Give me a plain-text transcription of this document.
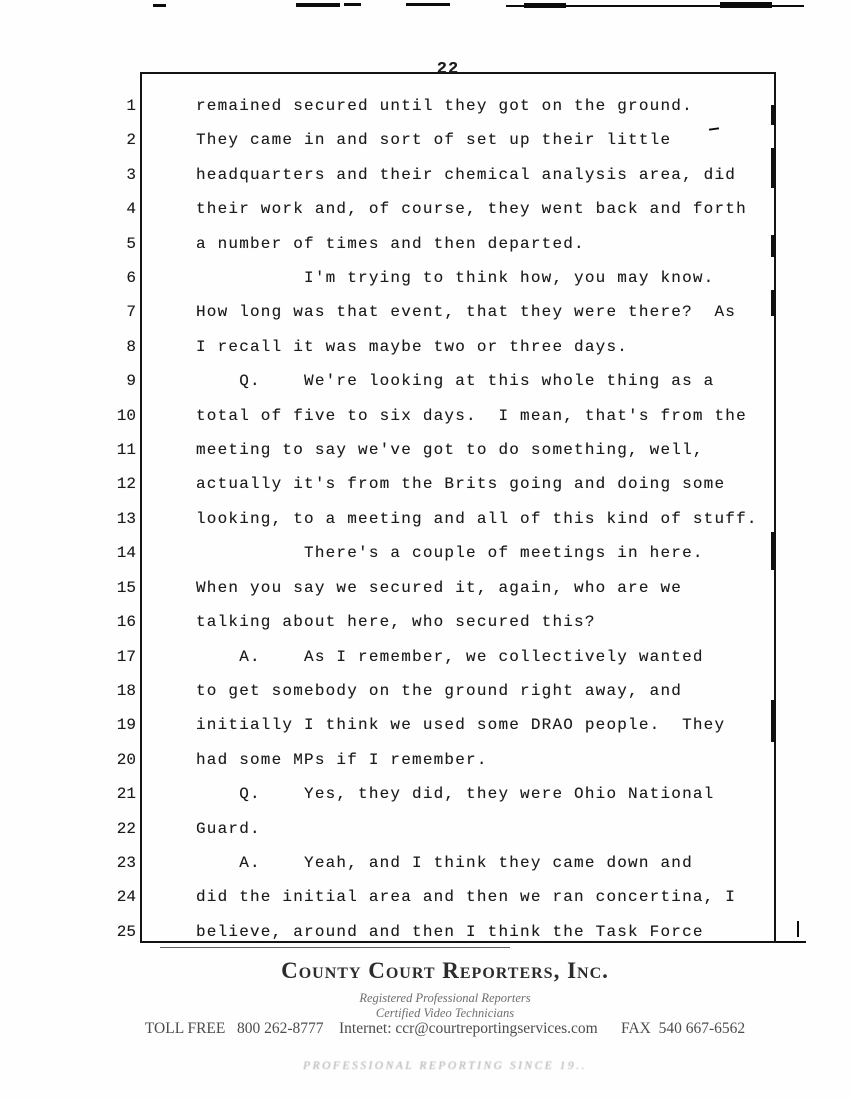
22
1	remained secured until they got on the ground.
2	They came in and sort of set up their little
3	headquarters and their chemical analysis area, did
4	their work and, of course, they went back and forth
5	a number of times and then departed.
6	I'm trying to think how, you may know.
7	How long was that event, that they were there?  As
8	I recall it was maybe two or three days.
9	Q.    We're looking at this whole thing as a
10	total of five to six days.  I mean, that's from the
11	meeting to say we've got to do something, well,
12	actually it's from the Brits going and doing some
13	looking, to a meeting and all of this kind of stuff.
14	There's a couple of meetings in here.
15	When you say we secured it, again, who are we
16	talking about here, who secured this?
17	A.    As I remember, we collectively wanted
18	to get somebody on the ground right away, and
19	initially I think we used some DRAO people.  They
20	had some MPs if I remember.
21	Q.    Yes, they did, they were Ohio National
22	Guard.
23	A.    Yeah, and I think they came down and
24	did the initial area and then we ran concertina, I
25	believe, around and then I think the Task Force
County Court Reporters, Inc.
Registered Professional Reporters
Certified Video Technicians
TOLL FREE   800 262-8777    Internet: ccr@courtreportingservices.com      FAX  540 667-6562
PROFESSIONAL REPORTING SINCE 19..
